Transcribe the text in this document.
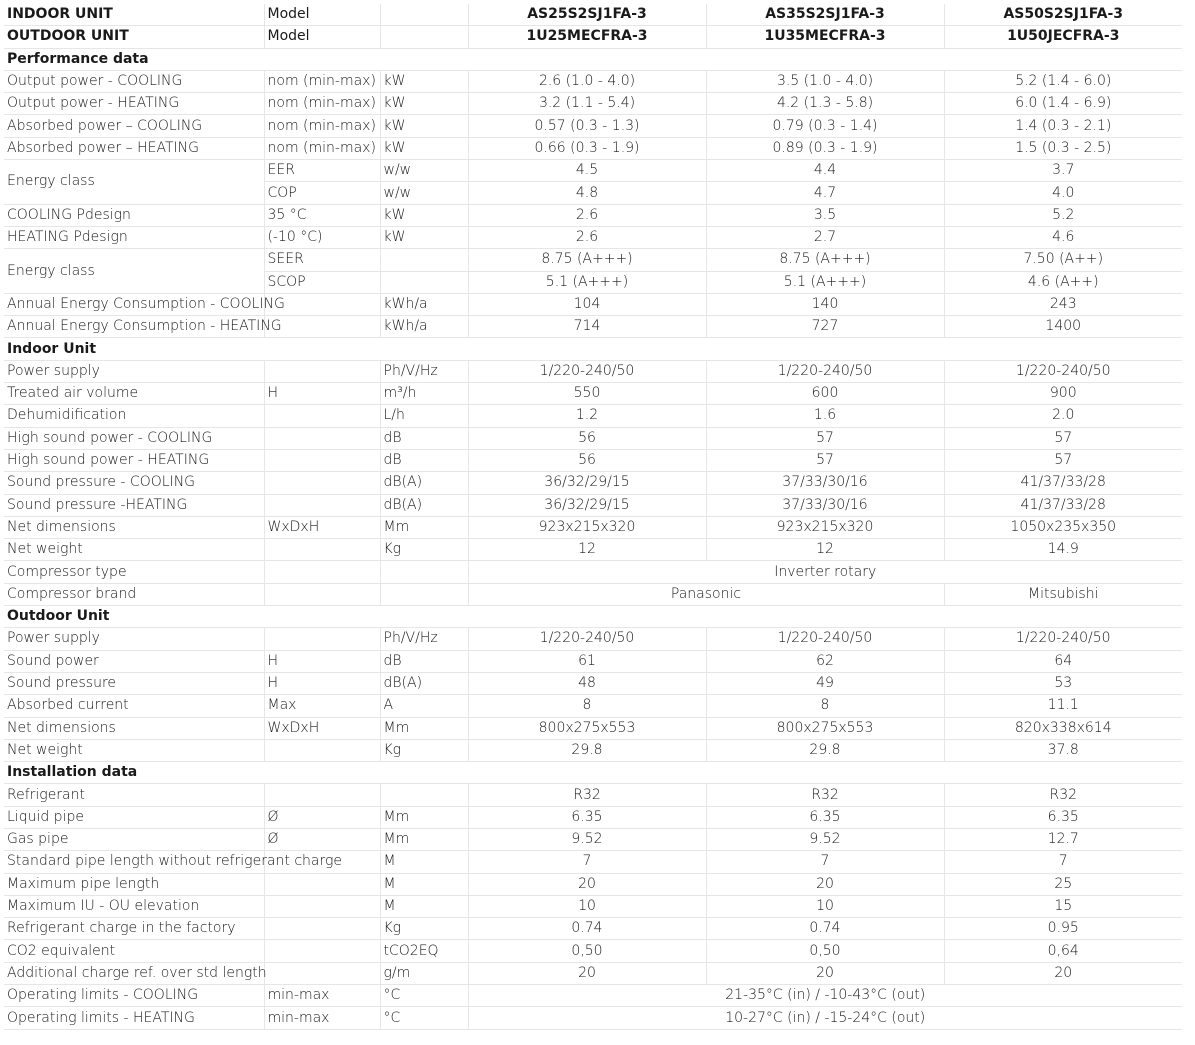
INDOOR UNIT	Model		AS25S2SJ1FA-3	AS35S2SJ1FA-3	AS50S2SJ1FA-3
OUTDOOR UNIT	Model		1U25MECFRA-3	1U35MECFRA-3	1U50JECFRA-3
Performance data					
Output power - COOLING	nom (min-max)	kW	2.6 (1.0 - 4.0)	3.5 (1.0 - 4.0)	5.2 (1.4 - 6.0)
Output power - HEATING	nom (min-max)	kW	3.2 (1.1 - 5.4)	4.2 (1.3 - 5.8)	6.0 (1.4 - 6.9)
Absorbed power – COOLING	nom (min-max)	kW	0.57 (0.3 - 1.3)	0.79 (0.3 - 1.4)	1.4 (0.3 - 2.1)
Absorbed power – HEATING	nom (min-max)	kW	0.66 (0.3 - 1.9)	0.89 (0.3 - 1.9)	1.5 (0.3 - 2.5)
Energy class	EER	w/w	4.5	4.4	3.7
	COP	w/w	4.8	4.7	4.0
COOLING Pdesign	35 °C	kW	2.6	3.5	5.2
HEATING Pdesign	(-10 °C)	kW	2.6	2.7	4.6
Energy class	SEER		8.75 (A+++)	8.75 (A+++)	7.50 (A++)
	SCOP		5.1 (A+++)	5.1 (A+++)	4.6 (A++)
Annual Energy Consumption - COOLING		kWh/a	104	140	243
Annual Energy Consumption - HEATING		kWh/a	714	727	1400
Indoor Unit					
Power supply		Ph/V/Hz	1/220-240/50	1/220-240/50	1/220-240/50
Treated air volume	H	m³/h	550	600	900
Dehumidification		L/h	1.2	1.6	2.0
High sound power - COOLING		dB	56	57	57
High sound power - HEATING		dB	56	57	57
Sound pressure - COOLING		dB(A)	36/32/29/15	37/33/30/16	41/37/33/28
Sound pressure -HEATING		dB(A)	36/32/29/15	37/33/30/16	41/37/33/28
Net dimensions	WxDxH	Mm	923x215x320	923x215x320	1050x235x350
Net weight		Kg	12	12	14.9
Compressor type			Inverter rotary		
Compressor brand			Panasonic		Mitsubishi
Outdoor Unit					
Power supply		Ph/V/Hz	1/220-240/50	1/220-240/50	1/220-240/50
Sound power	H	dB	61	62	64
Sound pressure	H	dB(A)	48	49	53
Absorbed current	Max	A	8	8	11.1
Net dimensions	WxDxH	Mm	800x275x553	800x275x553	820x338x614
Net weight		Kg	29.8	29.8	37.8
Installation data					
Refrigerant			R32	R32	R32
Liquid pipe	Ø	Mm	6.35	6.35	6.35
Gas pipe	Ø	Mm	9.52	9.52	12.7
Standard pipe length without refrigerant charge		M	7	7	7
Maximum pipe length		M	20	20	25
Maximum IU - OU elevation		M	10	10	15
Refrigerant charge in the factory		Kg	0.74	0.74	0.95
CO2 equivalent		tCO2EQ	0,50	0,50	0,64
Additional charge ref. over std length		g/m	20	20	20
Operating limits - COOLING	min-max	°C	21-35°C (in) / -10-43°C (out)		
Operating limits - HEATING	min-max	°C	10-27°C (in) / -15-24°C (out)		
